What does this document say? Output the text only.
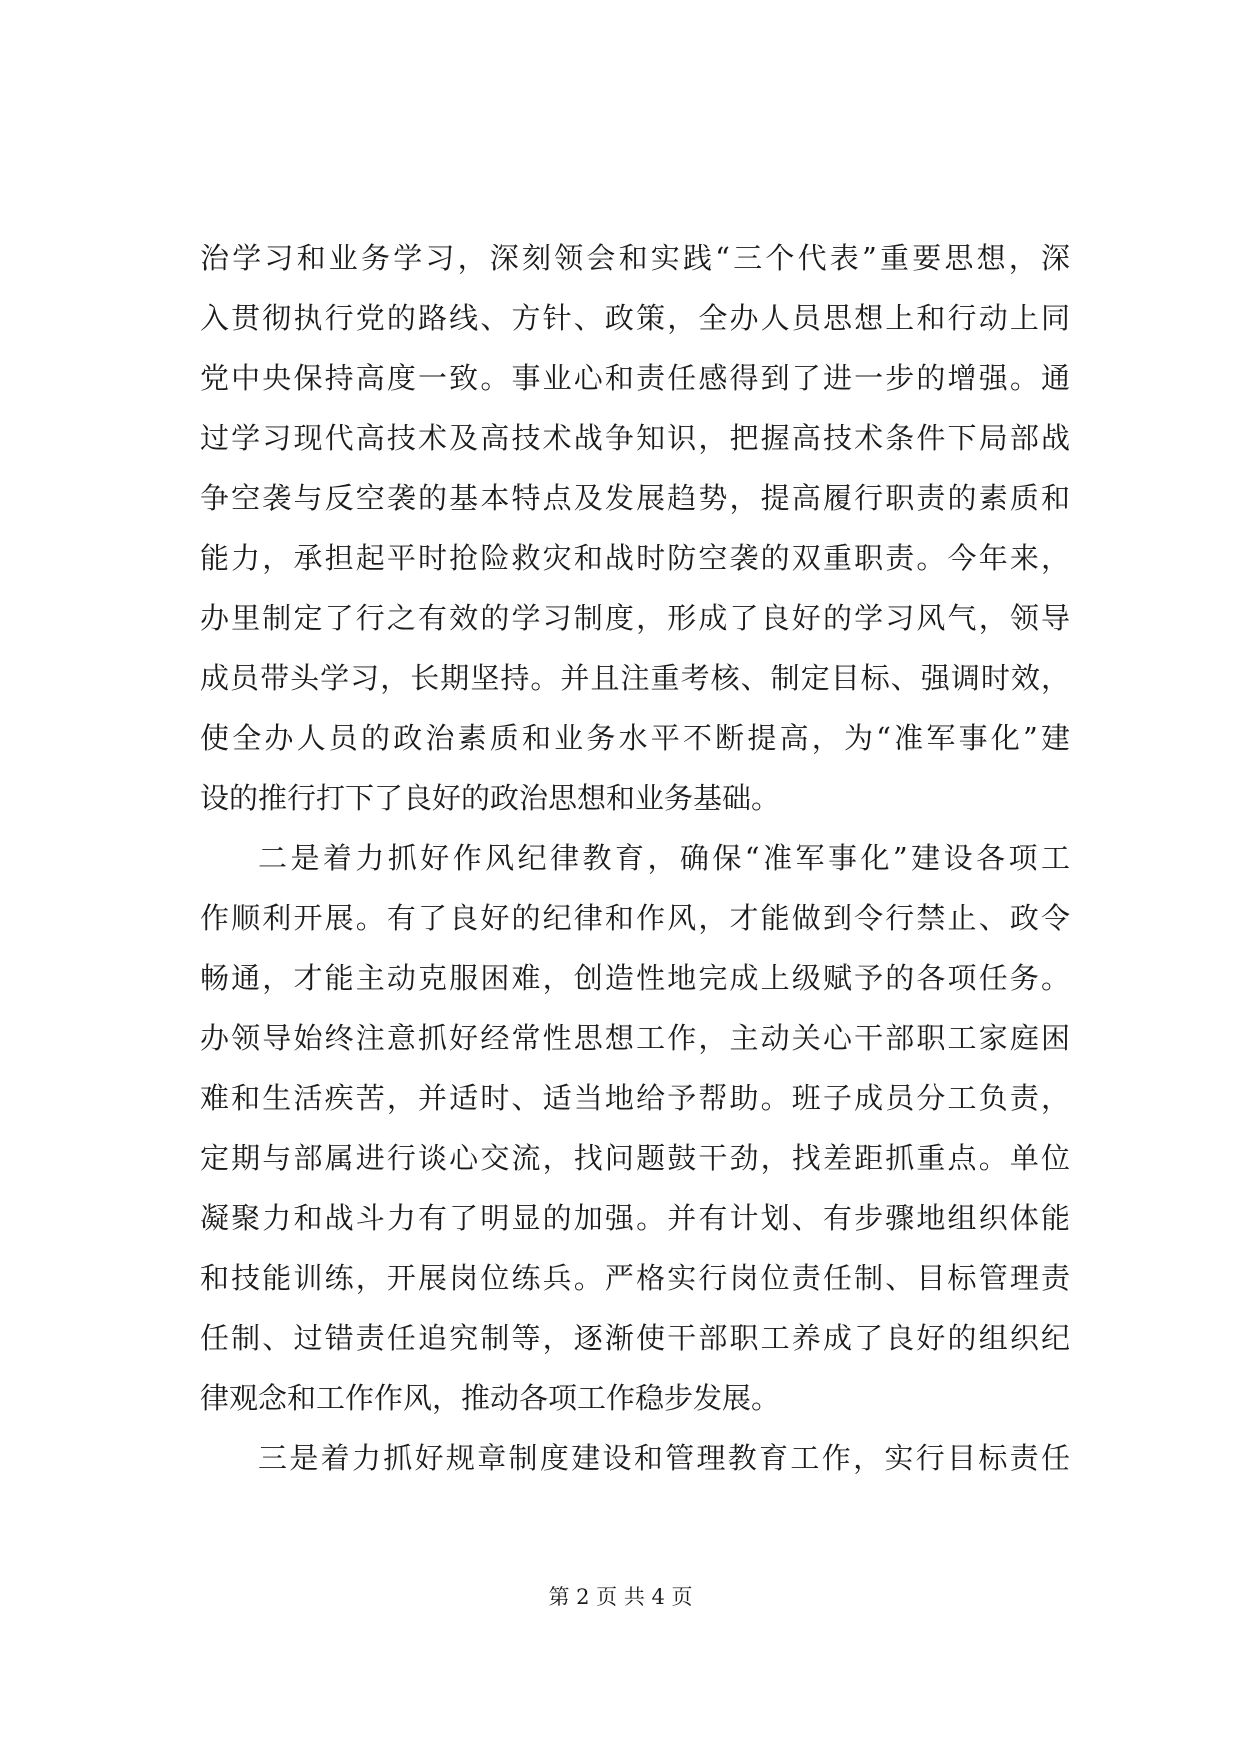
治学习和业务学习，深刻领会和实践“三个代表”重要思想，深
入贯彻执行党的路线、方针、政策，全办人员思想上和行动上同
党中央保持高度一致。事业心和责任感得到了进一步的增强。通
过学习现代高技术及高技术战争知识，把握高技术条件下局部战
争空袭与反空袭的基本特点及发展趋势，提高履行职责的素质和
能力，承担起平时抢险救灾和战时防空袭的双重职责。今年来，
办里制定了行之有效的学习制度，形成了良好的学习风气，领导
成员带头学习，长期坚持。并且注重考核、制定目标、强调时效，
使全办人员的政治素质和业务水平不断提高，为“准军事化”建
设的推行打下了良好的政治思想和业务基础。
二是着力抓好作风纪律教育，确保“准军事化”建设各项工
作顺利开展。有了良好的纪律和作风，才能做到令行禁止、政令
畅通，才能主动克服困难，创造性地完成上级赋予的各项任务。
办领导始终注意抓好经常性思想工作，主动关心干部职工家庭困
难和生活疾苦，并适时、适当地给予帮助。班子成员分工负责，
定期与部属进行谈心交流，找问题鼓干劲，找差距抓重点。单位
凝聚力和战斗力有了明显的加强。并有计划、有步骤地组织体能
和技能训练，开展岗位练兵。严格实行岗位责任制、目标管理责
任制、过错责任追究制等，逐渐使干部职工养成了良好的组织纪
律观念和工作作风，推动各项工作稳步发展。
三是着力抓好规章制度建设和管理教育工作，实行目标责任
第 2 页 共 4 页
